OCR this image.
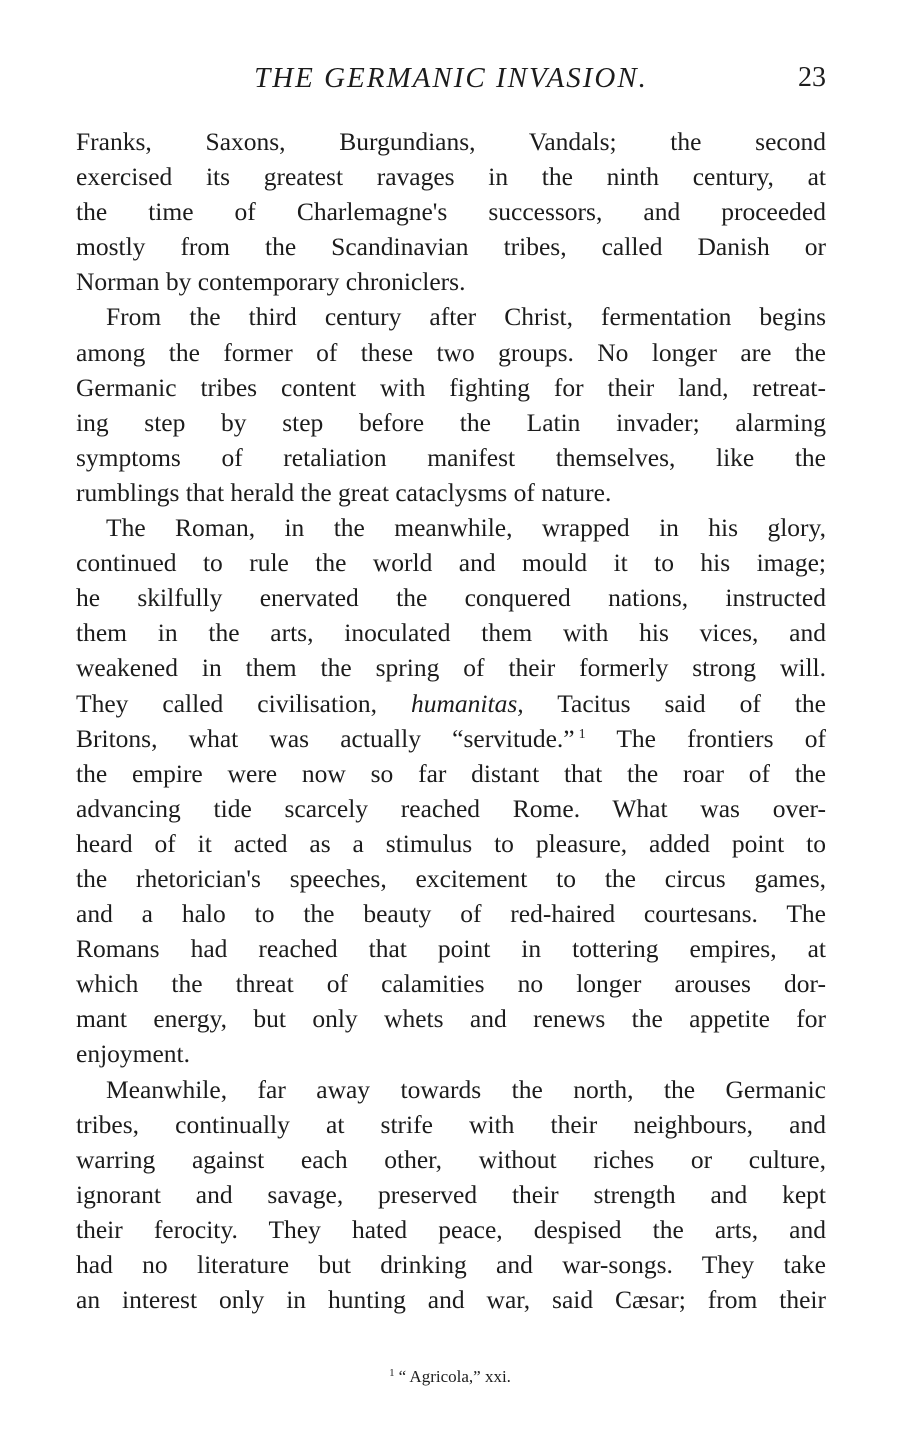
THE GERMANIC INVASION.	23
Franks, Saxons, Burgundians, Vandals; the second
exercised its greatest ravages in the ninth century, at
the time of Charlemagne's successors, and proceeded
mostly from the Scandinavian tribes, called Danish or
Norman by contemporary chroniclers.
From the third century after Christ, fermentation begins
among the former of these two groups. No longer are the
Germanic tribes content with fighting for their land, retreat-
ing step by step before the Latin invader; alarming
symptoms of retaliation manifest themselves, like the
rumblings that herald the great cataclysms of nature.
The Roman, in the meanwhile, wrapped in his glory,
continued to rule the world and mould it to his image;
he skilfully enervated the conquered nations, instructed
them in the arts, inoculated them with his vices, and
weakened in them the spring of their formerly strong will.
They called civilisation, humanitas, Tacitus said of the
Britons, what was actually “servitude.” $^1$ The frontiers of
the empire were now so far distant that the roar of the
advancing tide scarcely reached Rome. What was over-
heard of it acted as a stimulus to pleasure, added point to
the rhetorician's speeches, excitement to the circus games,
and a halo to the beauty of red-haired courtesans. The
Romans had reached that point in tottering empires, at
which the threat of calamities no longer arouses dor-
mant energy, but only whets and renews the appetite for
enjoyment.
Meanwhile, far away towards the north, the Germanic
tribes, continually at strife with their neighbours, and
warring against each other, without riches or culture,
ignorant and savage, preserved their strength and kept
their ferocity. They hated peace, despised the arts, and
had no literature but drinking and war-songs. They take
an interest only in hunting and war, said Cæsar; from their
$^1$ “ Agricola,” xxi.
